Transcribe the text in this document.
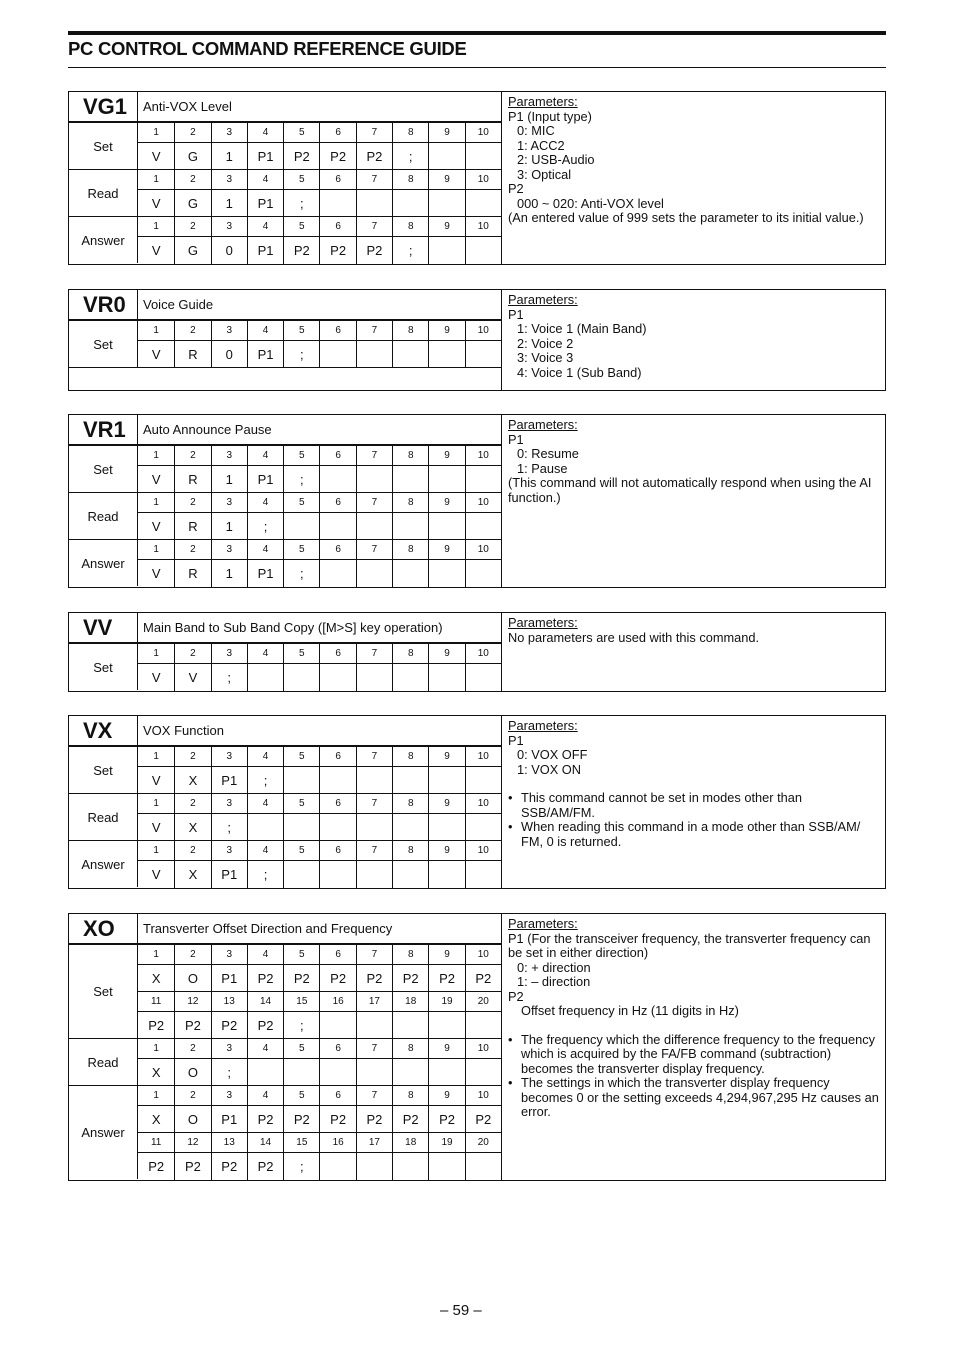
PC CONTROL COMMAND REFERENCE GUIDE
VG1	Anti-VOX Level
Set
1	2	3	4	5	6	7	8	9	10
V	G	1	P1	P2	P2	P2	;
Read
1	2	3	4	5	6	7	8	9	10
V	G	1	P1	;
Answer
1	2	3	4	5	6	7	8	9	10
V	G	0	P1	P2	P2	P2	;
Parameters:
P1 (Input type)
0: MIC
1: ACC2
2: USB-Audio
3: Optical
P2
000 ~ 020: Anti-VOX level
(An entered value of 999 sets the parameter to its initial value.)
VR0	Voice Guide
Set
1	2	3	4	5	6	7	8	9	10
V	R	0	P1	;
Parameters:
P1
1: Voice 1 (Main Band)
2: Voice 2
3: Voice 3
4: Voice 1 (Sub Band)
VR1	Auto Announce Pause
Set
1	2	3	4	5	6	7	8	9	10
V	R	1	P1	;
Read
1	2	3	4	5	6	7	8	9	10
V	R	1	;
Answer
1	2	3	4	5	6	7	8	9	10
V	R	1	P1	;
Parameters:
P1
0: Resume
1: Pause
(This command will not automatically respond when using the AI function.)
VV	Main Band to Sub Band Copy ([M>S] key operation)
Set
1	2	3	4	5	6	7	8	9	10
V	V	;
Parameters:
No parameters are used with this command.
VX	VOX Function
Set
1	2	3	4	5	6	7	8	9	10
V	X	P1	;
Read
1	2	3	4	5	6	7	8	9	10
V	X	;
Answer
1	2	3	4	5	6	7	8	9	10
V	X	P1	;
Parameters:
P1
0: VOX OFF
1: VOX ON
• This command cannot be set in modes other than SSB/AM/FM.
• When reading this command in a mode other than SSB/AM/ FM, 0 is returned.
XO	Transverter Offset Direction and Frequency
Set
1	2	3	4	5	6	7	8	9	10
X	O	P1	P2	P2	P2	P2	P2	P2	P2
11	12	13	14	15	16	17	18	19	20
P2	P2	P2	P2	;
Read
1	2	3	4	5	6	7	8	9	10
X	O	;
Answer
1	2	3	4	5	6	7	8	9	10
X	O	P1	P2	P2	P2	P2	P2	P2	P2
11	12	13	14	15	16	17	18	19	20
P2	P2	P2	P2	;
Parameters:
P1 (For the transceiver frequency, the transverter frequency can be set in either direction)
0: + direction
1: – direction
P2
Offset frequency in Hz (11 digits in Hz)
• The frequency which the difference frequency to the frequency which is acquired by the FA/FB command (subtraction) becomes the transverter display frequency.
• The settings in which the transverter display frequency becomes 0 or the setting exceeds 4,294,967,295 Hz causes an error.
– 59 –
